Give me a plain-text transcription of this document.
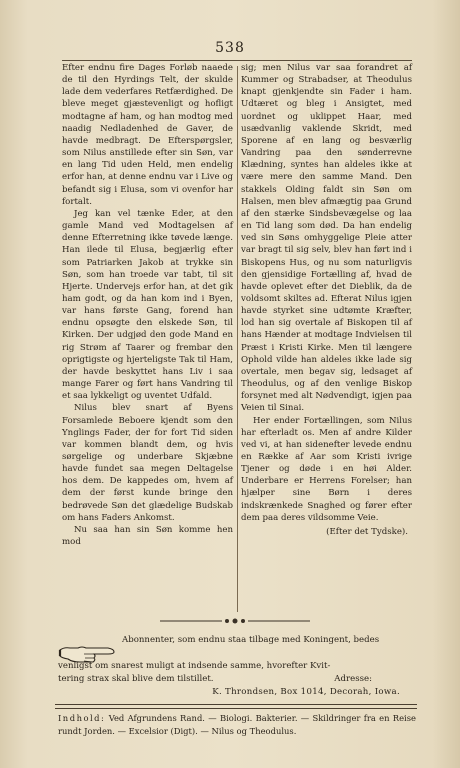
538

Efter endnu fire Dages Forløb naaede de til den Hyrdings Telt, der skulde lade dem vederfares Retfærdighed. De bleve meget gjæstevenligt og hofligt modtagne af ham, og han modtog med naadig Nedladenhed de Gaver, de havde medbragt. De Efterspørgsler, som Nilus anstillede efter sin Søn, var en lang Tid uden Held, men endelig erfor han, at denne endnu var i Live og befandt sig i Elusa, som vi ovenfor har fortalt.

Jeg kan vel tænke Eder, at den gamle Mand ved Modtagelsen af denne Efterretning ikke tøvede længe. Han ilede til Elusa, begjærlig efter som Patriarken Jakob at trykke sin Søn, som han troede var tabt, til sit Hjerte. Undervejs erfor han, at det gik ham godt, og da han kom ind i Byen, var hans første Gang, forend han endnu opsøgte den elskede Søn, til Kirken. Der udgjød den gode Mand en rig Strøm af Taarer og frembar den oprigtigste og hjerteligste Tak til Ham, der havde beskyttet hans Liv i saa mange Farer og ført hans Vandring til et saa lykkeligt og uventet Udfald.

Nilus blev snart af Byens Forsamlede Beboere kjendt som den Ynglings Fader, der for fort Tid siden var kommen blandt dem, og hvis sørgelige og underbare Skjæbne havde fundet saa megen Deltagelse hos dem. De kappedes om, hvem af dem der først kunde bringe den bedrøvede Søn det glædelige Budskab om hans Faders Ankomst.

Nu saa han sin Søn komme hen mod

sig; men Nilus var saa forandret af Kummer og Strabadser, at Theodulus knapt gjenkjendte sin Fader i ham. Udtæret og bleg i Ansigtet, med uordnet og uklippet Haar, med usædvanlig vaklende Skridt, med Sporene af en lang og besværlig Vandring paa den sønderrevne Klædning, syntes han aldeles ikke at være mere den samme Mand. Den stakkels Olding faldt sin Søn om Halsen, men blev afmægtig paa Grund af den stærke Sindsbevægelse og laa en Tid lang som død. Da han endelig ved sin Søns omhyggelige Pleie atter var bragt til sig selv, blev han ført ind i Biskopens Hus, og nu som naturligvis den gjensidige Fortælling af, hvad de havde oplevet efter det Dieblik, da de voldsomt skiltes ad. Efterat Nilus igjen havde styrket sine udtømte Kræfter, lod han sig overtale af Biskopen til af hans Hænder at modtage Indvielsen til Præst i Kristi Kirke. Men til længere Ophold vilde han aldeles ikke lade sig overtale, men begav sig, ledsaget af Theodulus, og af den venlige Biskop forsynet med alt Nødvendigt, igjen paa Veien til Sinai.

Her ender Fortællingen, som Nilus har efterladt os. Men af andre Kilder ved vi, at han sidenefter levede endnu en Række af Aar som Kristi ivrige Tjener og døde i en høi Alder. Underbare er Herrens Forelser; han hjælper sine Børn i deres indskrænkede Snaghed og fører efter dem paa deres vildsomme Veie.

(Efter det Tydske).

Abonnenter, som endnu staa tilbage med Koningent, bedes
venligst om snarest muligt at indsende samme, hvorefter Kvit-
tering strax skal blive dem tilstillet.	Adresse:
K. Throndsen, Box 1014, Decorah, Iowa.
Indhold: Ved Afgrundens Rand. — Biologi. Bakterier. — Skildringer fra en Reise rundt Jorden. — Excelsior (Digt). — Nilus og Theodulus.
